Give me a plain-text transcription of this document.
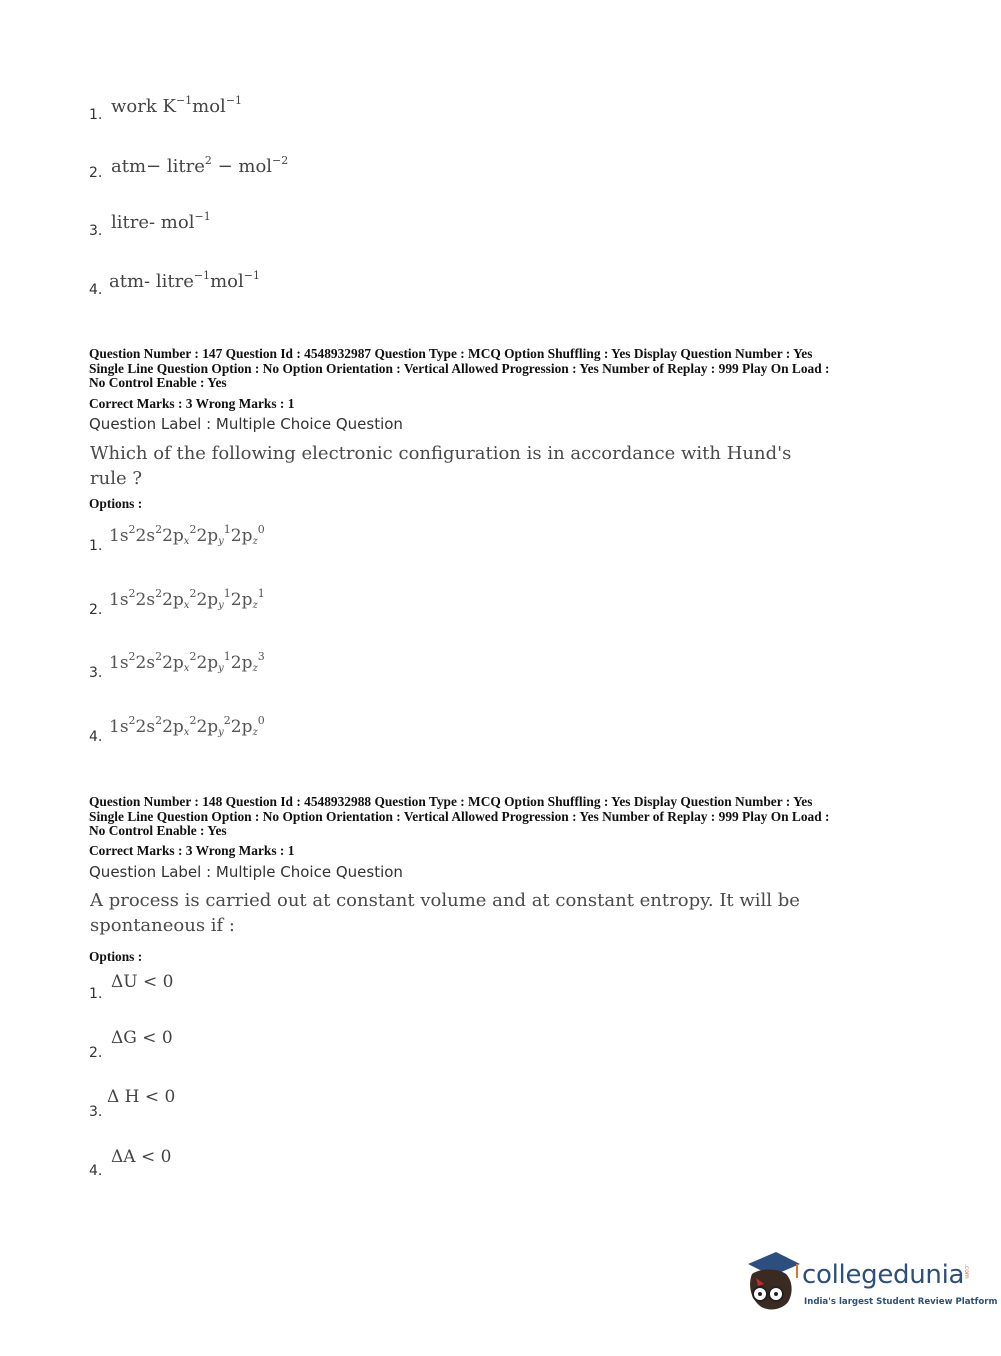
1. work $K^{-1}mol^{-1}$
2. atm− litre$^2$ − mol$^{-2}$
3. litre- mol$^{-1}$
4. atm- litre$^{-1}$mol$^{-1}$
Question Number : 147 Question Id : 4548932987 Question Type : MCQ Option Shuffling : Yes Display Question Number : Yes
Single Line Question Option : No Option Orientation : Vertical Allowed Progression : Yes Number of Replay : 999 Play On Load :
No Control Enable : Yes
Correct Marks : 3 Wrong Marks : 1
Question Label : Multiple Choice Question
Which of the following electronic configuration is in accordance with Hund's
rule ?
Options :
1. $1s^22s^22p_x^22p_y^12p_z^0$
2. $1s^22s^22p_x^22p_y^12p_z^1$
3. $1s^22s^22p_x^22p_y^12p_z^3$
4. $1s^22s^22p_x^22p_y^22p_z^0$
Question Number : 148 Question Id : 4548932988 Question Type : MCQ Option Shuffling : Yes Display Question Number : Yes
Single Line Question Option : No Option Orientation : Vertical Allowed Progression : Yes Number of Replay : 999 Play On Load :
No Control Enable : Yes
Correct Marks : 3 Wrong Marks : 1
Question Label : Multiple Choice Question
A process is carried out at constant volume and at constant entropy. It will be
spontaneous if :
Options :
1.
ΔU < 0
2.
ΔG < 0
3.
Δ H < 0
4.
ΔA < 0
collegedunia
.com
India's largest Student Review Platform
